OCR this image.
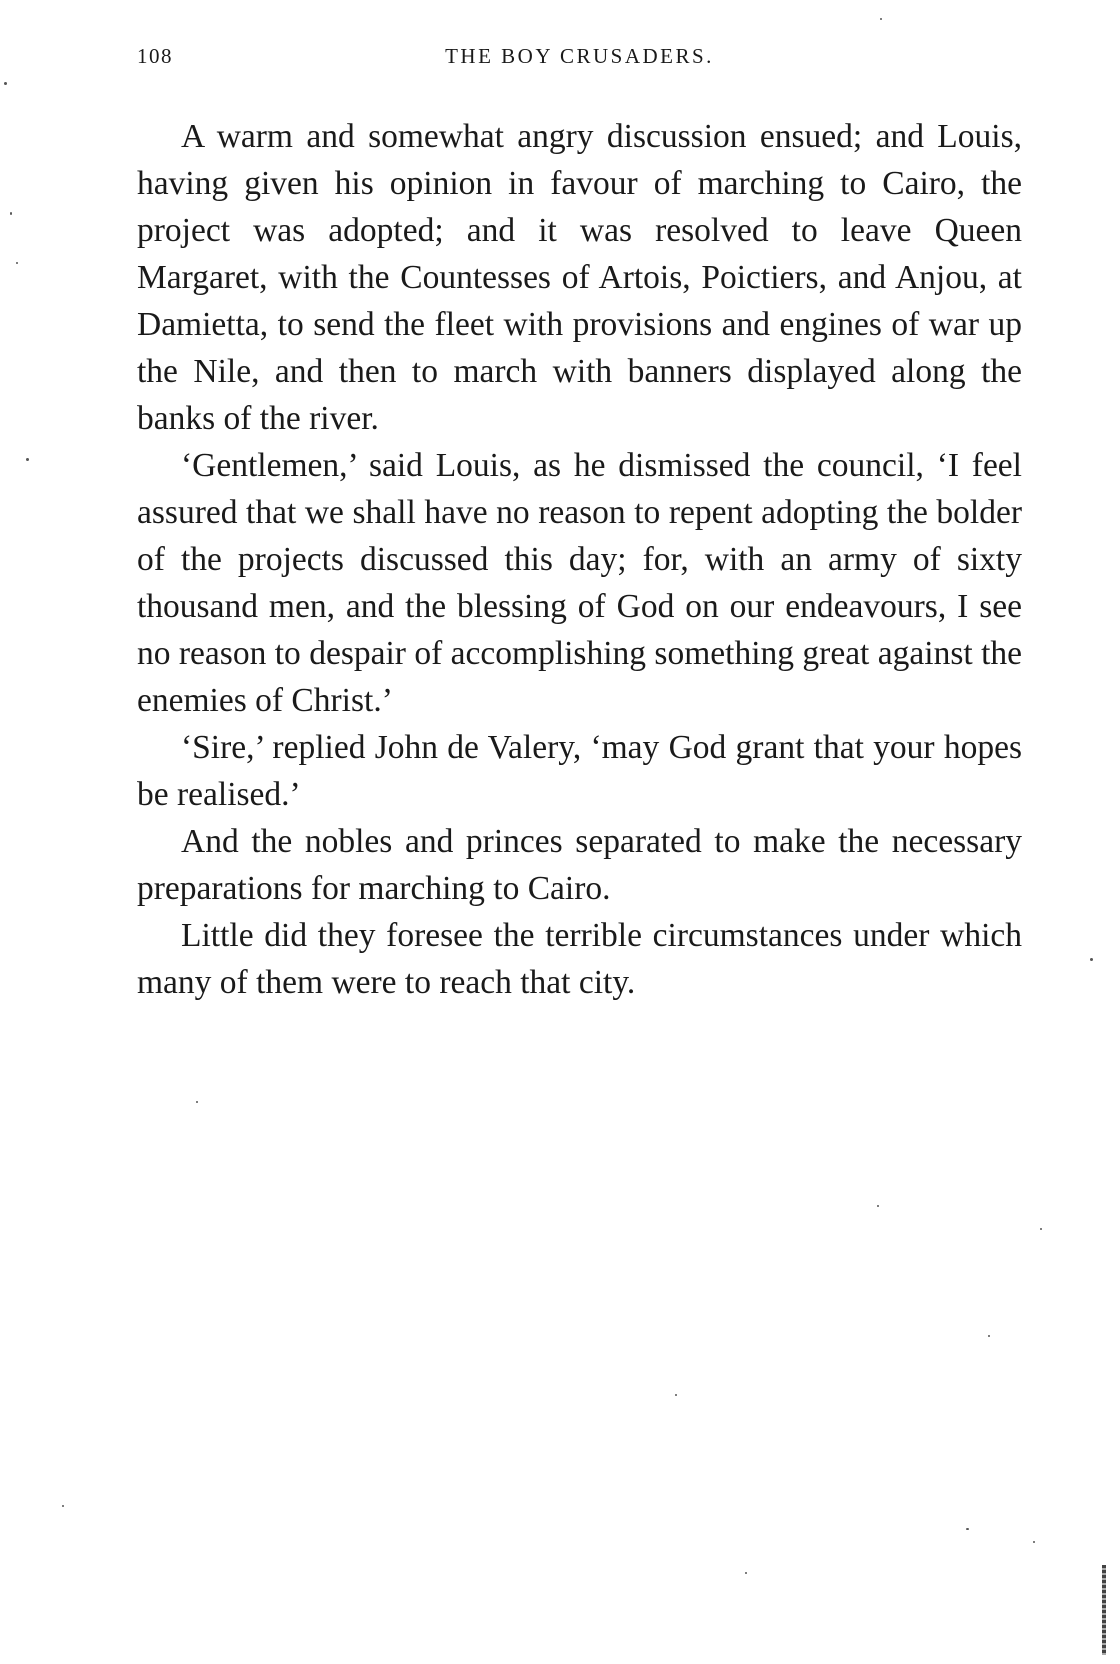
108	THE BOY CRUSADERS.

A warm and somewhat angry discussion ensued; and Louis, having given his opinion in favour of marching to Cairo, the project was adopted; and it was resolved to leave Queen Margaret, with the Countesses of Artois, Poictiers, and Anjou, at Damietta, to send the fleet with provisions and engines of war up the Nile, and then to march with banners displayed along the banks of the river.

‘Gentlemen,’ said Louis, as he dismissed the council, ‘I feel assured that we shall have no reason to repent adopting the bolder of the projects discussed this day; for, with an army of sixty thousand men, and the blessing of God on our endeavours, I see no reason to despair of accomplishing something great against the enemies of Christ.’

‘Sire,’ replied John de Valery, ‘may God grant that your hopes be realised.’

And the nobles and princes separated to make the necessary preparations for marching to Cairo.

Little did they foresee the terrible circumstances under which many of them were to reach that city.
